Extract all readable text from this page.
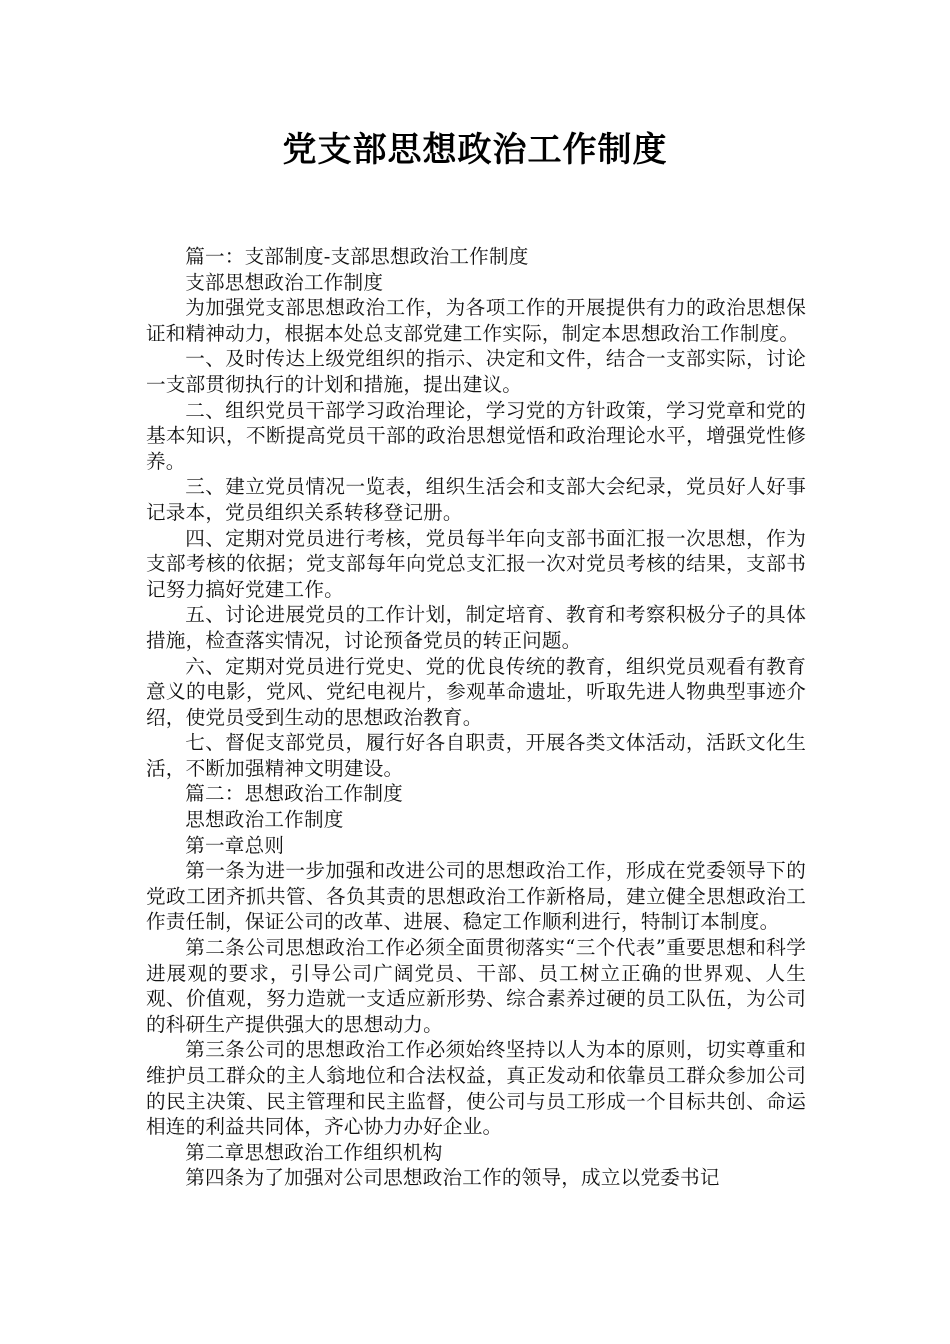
党支部思想政治工作制度

篇一：支部制度-支部思想政治工作制度

支部思想政治工作制度

为加强党支部思想政治工作，为各项工作的开展提供有力的政治思想保证和精神动力，根据本处总支部党建工作实际，制定本思想政治工作制度。

一、及时传达上级党组织的指示、决定和文件，结合一支部实际，讨论一支部贯彻执行的计划和措施，提出建议。

二、组织党员干部学习政治理论，学习党的方针政策，学习党章和党的基本知识，不断提高党员干部的政治思想觉悟和政治理论水平，增强党性修养。

三、建立党员情况一览表，组织生活会和支部大会纪录，党员好人好事记录本，党员组织关系转移登记册。

四、定期对党员进行考核，党员每半年向支部书面汇报一次思想，作为支部考核的依据；党支部每年向党总支汇报一次对党员考核的结果，支部书记努力搞好党建工作。

五、讨论进展党员的工作计划，制定培育、教育和考察积极分子的具体措施，检查落实情况，讨论预备党员的转正问题。

六、定期对党员进行党史、党的优良传统的教育，组织党员观看有教育意义的电影，党风、党纪电视片，参观革命遗址，听取先进人物典型事迹介绍，使党员受到生动的思想政治教育。

七、督促支部党员，履行好各自职责，开展各类文体活动，活跃文化生活，不断加强精神文明建设。

篇二：思想政治工作制度

思想政治工作制度

第一章总则

第一条为进一步加强和改进公司的思想政治工作，形成在党委领导下的党政工团齐抓共管、各负其责的思想政治工作新格局，建立健全思想政治工作责任制，保证公司的改革、进展、稳定工作顺利进行，特制订本制度。

第二条公司思想政治工作必须全面贯彻落实“三个代表”重要思想和科学进展观的要求，引导公司广阔党员、干部、员工树立正确的世界观、人生观、价值观，努力造就一支适应新形势、综合素养过硬的员工队伍，为公司的科研生产提供强大的思想动力。

第三条公司的思想政治工作必须始终坚持以人为本的原则，切实尊重和维护员工群众的主人翁地位和合法权益，真正发动和依靠员工群众参加公司的民主决策、民主管理和民主监督，使公司与员工形成一个目标共创、命运相连的利益共同体，齐心协力办好企业。

第二章思想政治工作组织机构

第四条为了加强对公司思想政治工作的领导，成立以党委书记
